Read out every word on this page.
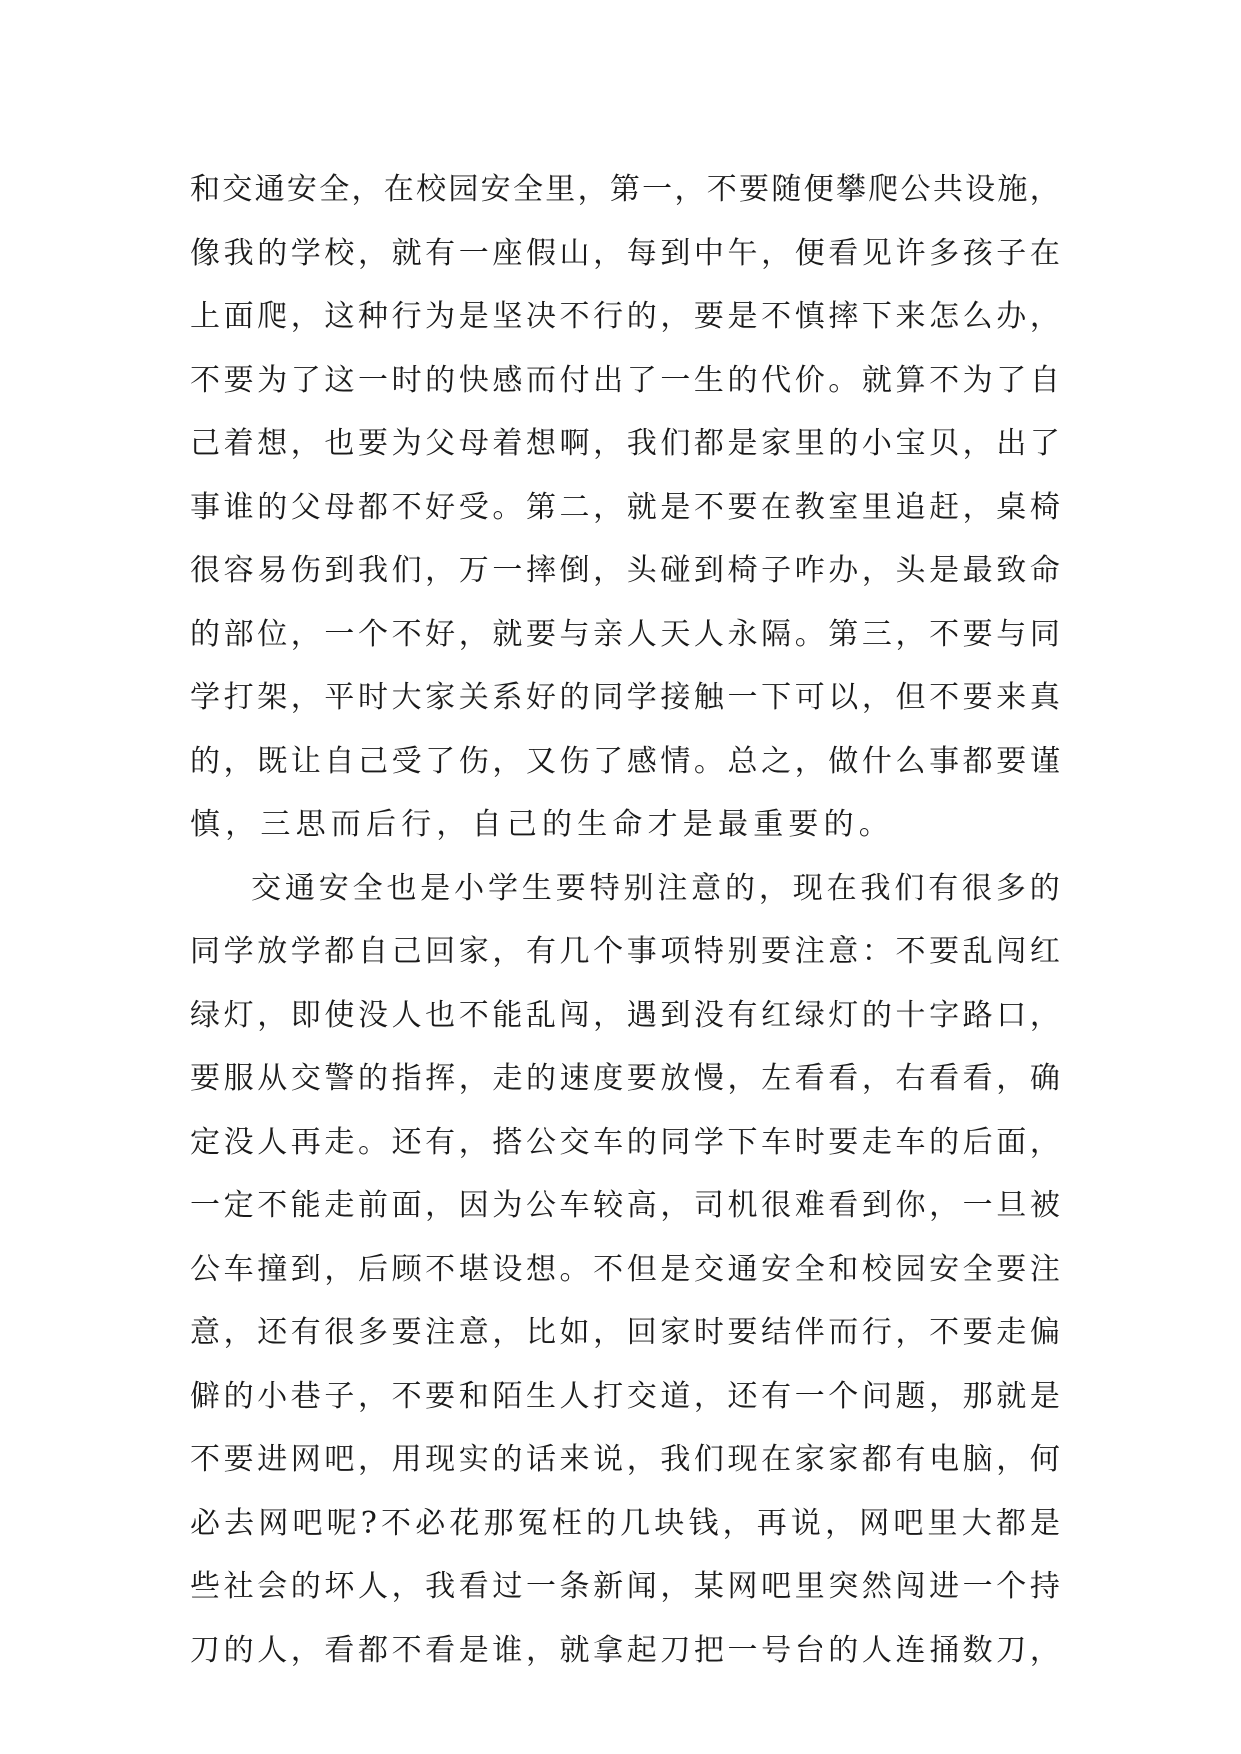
和 交 通 安 全 ， 在 校 园 安 全 里 ， 第 一 ， 不 要 随 便 攀 爬 公 共 设 施 ，
像 我 的 学 校 ， 就 有 一 座 假 山 ， 每 到 中 午 ， 便 看 见 许 多 孩 子 在
上 面 爬 ， 这 种 行 为 是 坚 决 不 行 的 ， 要 是 不 慎 摔 下 来 怎 么 办 ，
不 要 为 了 这 一 时 的 快 感 而 付 出 了 一 生 的 代 价 。 就 算 不 为 了 自
己 着 想 ， 也 要 为 父 母 着 想 啊 ， 我 们 都 是 家 里 的 小 宝 贝 ， 出 了
事 谁 的 父 母 都 不 好 受 。 第 二 ， 就 是 不 要 在 教 室 里 追 赶 ， 桌 椅
很 容 易 伤 到 我 们 ， 万 一 摔 倒 ， 头 碰 到 椅 子 咋 办 ， 头 是 最 致 命
的 部 位 ， 一 个 不 好 ， 就 要 与 亲 人 天 人 永 隔 。 第 三 ， 不 要 与 同
学 打 架 ， 平 时 大 家 关 系 好 的 同 学 接 触 一 下 可 以 ， 但 不 要 来 真
的 ， 既 让 自 己 受 了 伤 ， 又 伤 了 感 情 。 总 之 ， 做 什 么 事 都 要 谨
慎，三思而后行，自己的生命才是最重要的。
交 通 安 全 也 是 小 学 生 要 特 别 注 意 的 ， 现 在 我 们 有 很 多 的
同 学 放 学 都 自 己 回 家 ， 有 几 个 事 项 特 别 要 注 意 ： 不 要 乱 闯 红
绿 灯 ， 即 使 没 人 也 不 能 乱 闯 ， 遇 到 没 有 红 绿 灯 的 十 字 路 口 ，
要 服 从 交 警 的 指 挥 ， 走 的 速 度 要 放 慢 ， 左 看 看 ， 右 看 看 ， 确
定 没 人 再 走 。 还 有 ， 搭 公 交 车 的 同 学 下 车 时 要 走 车 的 后 面 ，
一 定 不 能 走 前 面 ， 因 为 公 车 较 高 ， 司 机 很 难 看 到 你 ， 一 旦 被
公 车 撞 到 ， 后 顾 不 堪 设 想 。 不 但 是 交 通 安 全 和 校 园 安 全 要 注
意 ， 还 有 很 多 要 注 意 ， 比 如 ， 回 家 时 要 结 伴 而 行 ， 不 要 走 偏
僻 的 小 巷 子 ， 不 要 和 陌 生 人 打 交 道 ， 还 有 一 个 问 题 ， 那 就 是
不 要 进 网 吧 ， 用 现 实 的 话 来 说 ， 我 们 现 在 家 家 都 有 电 脑 ， 何
必 去 网 吧 呢 ? 不 必 花 那 冤 枉 的 几 块 钱 ， 再 说 ， 网 吧 里 大 都 是
些 社 会 的 坏 人 ， 我 看 过 一 条 新 闻 ， 某 网 吧 里 突 然 闯 进 一 个 持
刀 的 人 ， 看 都 不 看 是 谁 ， 就 拿 起 刀 把 一 号 台 的 人 连 捅 数 刀 ，
